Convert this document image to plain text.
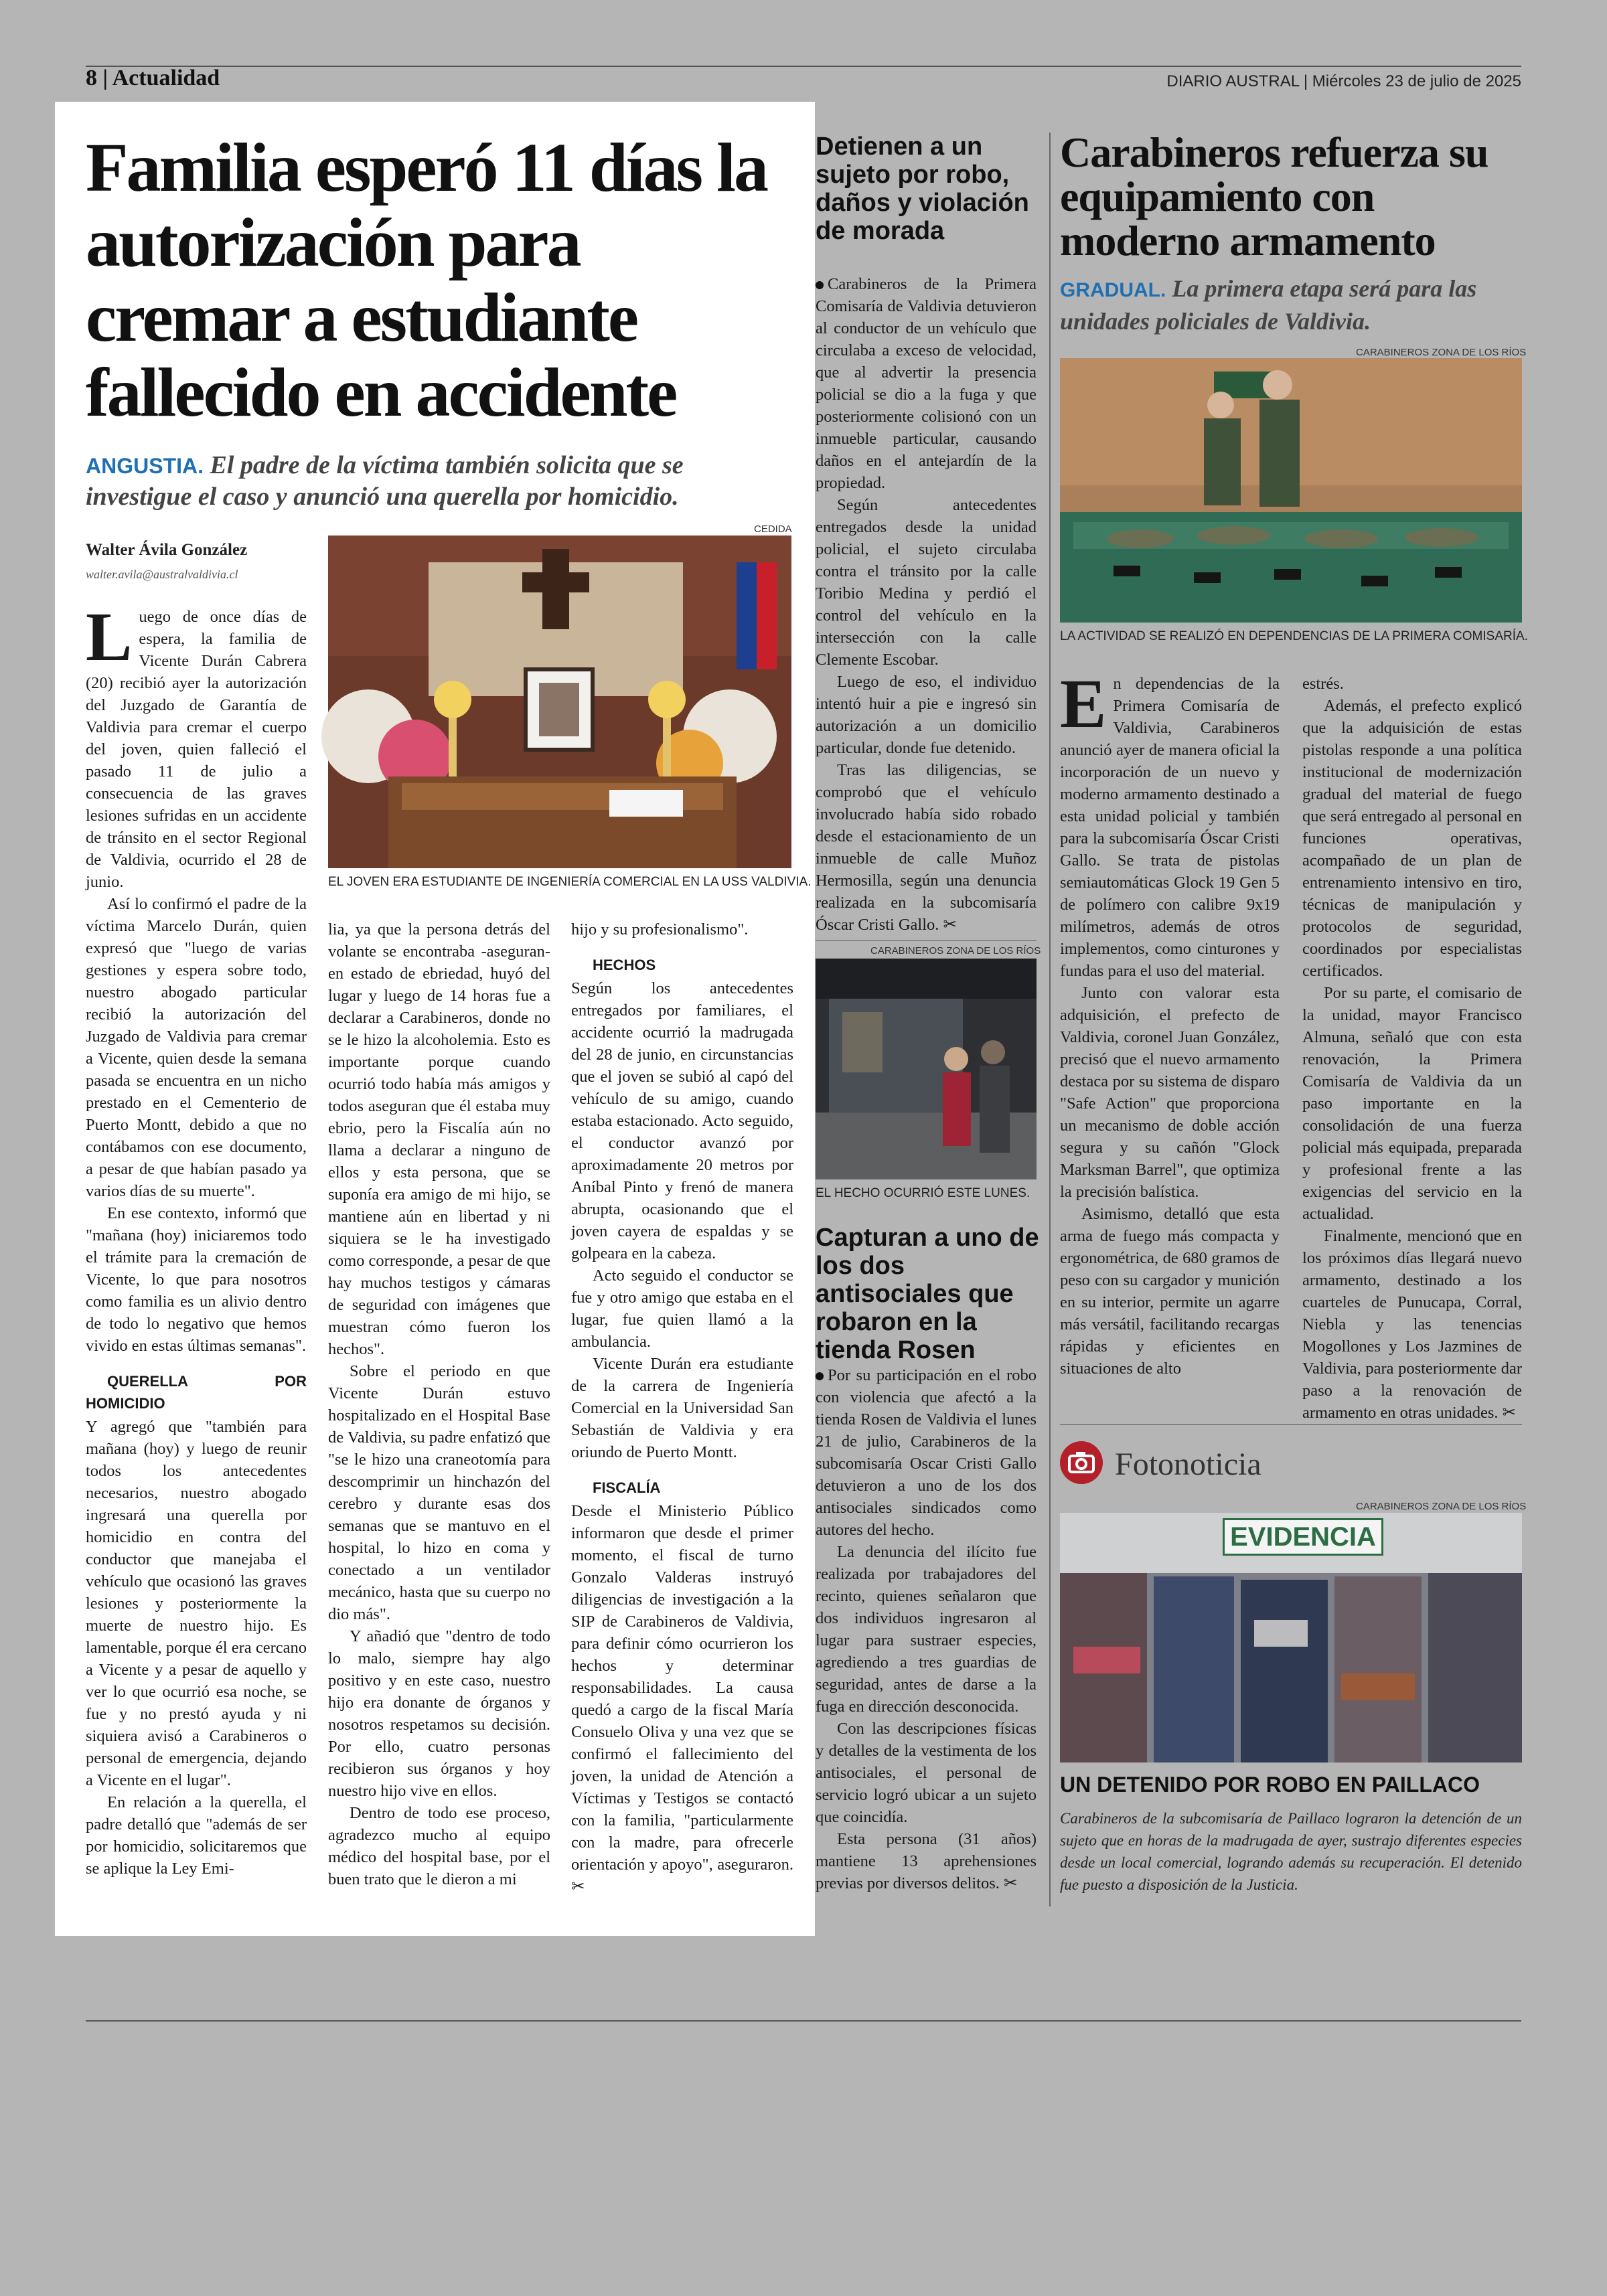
8 | Actualidad	DIARIO AUSTRAL | Miércoles 23 de julio de 2025
Familia esperó 11 días la autorización para cremar a estudiante fallecido en accidente
ANGUSTIA. El padre de la víctima también solicita que se investigue el caso y anunció una querella por homicidio.
Walter Ávila González
walter.avila@australvaldivia.cl
CEDIDA
EL JOVEN ERA ESTUDIANTE DE INGENIERÍA COMERCIAL EN LA USS VALDIVIA.
L uego de once días de espera, la familia de Vicente Durán Cabrera (20) recibió ayer la autorización del Juzgado de Garantía de Valdivia para cremar el cuerpo del joven, quien falleció el pasado 11 de julio a consecuencia de las graves lesiones sufridas en un accidente de tránsito en el sector Regional de Valdivia, ocurrido el 28 de junio.

Así lo confirmó el padre de la víctima Marcelo Durán, quien expresó que "luego de varias gestiones y espera sobre todo, nuestro abogado particular recibió la autorización del Juzgado de Valdivia para cremar a Vicente, quien desde la semana pasada se encuentra en un nicho prestado en el Cementerio de Puerto Montt, debido a que no contábamos con ese documento, a pesar de que habían pasado ya varios días de su muerte".

En ese contexto, informó que "mañana (hoy) iniciaremos todo el trámite para la cremación de Vicente, lo que para nosotros como familia es un alivio dentro de todo lo negativo que hemos vivido en estas últimas semanas".

QUERELLA POR HOMICIDIO

Y agregó que "también para mañana (hoy) y luego de reunir todos los antecedentes necesarios, nuestro abogado ingresará una querella por homicidio en contra del conductor que manejaba el vehículo que ocasionó las graves lesiones y posteriormente la muerte de nuestro hijo. Es lamentable, porque él era cercano a Vicente y a pesar de aquello y ver lo que ocurrió esa noche, se fue y no prestó ayuda y ni siquiera avisó a Carabineros o personal de emergencia, dejando a Vicente en el lugar".

En relación a la querella, el padre detalló que "además de ser por homicidio, solicitaremos que se aplique la Ley Emi-

lia, ya que la persona detrás del volante se encontraba -aseguran- en estado de ebriedad, huyó del lugar y luego de 14 horas fue a declarar a Carabineros, donde no se le hizo la alcoholemia. Esto es importante porque cuando ocurrió todo había más amigos y todos aseguran que él estaba muy ebrio, pero la Fiscalía aún no llama a declarar a ninguno de ellos y esta persona, que se suponía era amigo de mi hijo, se mantiene aún en libertad y ni siquiera se le ha investigado como corresponde, a pesar de que hay muchos testigos y cámaras de seguridad con imágenes que muestran cómo fueron los hechos".

Sobre el periodo en que Vicente Durán estuvo hospitalizado en el Hospital Base de Valdivia, su padre enfatizó que "se le hizo una craneotomía para descomprimir un hinchazón del cerebro y durante esas dos semanas que se mantuvo en el hospital, lo hizo en coma y conectado a un ventilador mecánico, hasta que su cuerpo no dio más".

Y añadió que "dentro de todo lo malo, siempre hay algo positivo y en este caso, nuestro hijo era donante de órganos y nosotros respetamos su decisión. Por ello, cuatro personas recibieron sus órganos y hoy nuestro hijo vive en ellos.

Dentro de todo ese proceso, agradezco mucho al equipo médico del hospital base, por el buen trato que le dieron a mi

hijo y su profesionalismo".

HECHOS

Según los antecedentes entregados por familiares, el accidente ocurrió la madrugada del 28 de junio, en circunstancias que el joven se subió al capó del vehículo de su amigo, cuando estaba estacionado. Acto seguido, el conductor avanzó por aproximadamente 20 metros por Aníbal Pinto y frenó de manera abrupta, ocasionando que el joven cayera de espaldas y se golpeara en la cabeza.

Acto seguido el conductor se fue y otro amigo que estaba en el lugar, fue quien llamó a la ambulancia.

Vicente Durán era estudiante de la carrera de Ingeniería Comercial en la Universidad San Sebastián de Valdivia y era oriundo de Puerto Montt.

FISCALÍA

Desde el Ministerio Público informaron que desde el primer momento, el fiscal de turno Gonzalo Valderas instruyó diligencias de investigación a la SIP de Carabineros de Valdivia, para definir cómo ocurrieron los hechos y determinar responsabilidades. La causa quedó a cargo de la fiscal María Consuelo Oliva y una vez que se confirmó el fallecimiento del joven, la unidad de Atención a Víctimas y Testigos se contactó con la familia, "particularmente con la madre, para ofrecerle orientación y apoyo", aseguraron. ✂

Detienen a un sujeto por robo, daños y violación de morada

Carabineros de la Primera Comisaría de Valdivia detuvieron al conductor de un vehículo que circulaba a exceso de velocidad, que al advertir la presencia policial se dio a la fuga y que posteriormente colisionó con un inmueble particular, causando daños en el antejardín de la propiedad.

Según antecedentes entregados desde la unidad policial, el sujeto circulaba contra el tránsito por la calle Toribio Medina y perdió el control del vehículo en la intersección con la calle Clemente Escobar.

Luego de eso, el individuo intentó huir a pie e ingresó sin autorización a un domicilio particular, donde fue detenido.

Tras las diligencias, se comprobó que el vehículo involucrado había sido robado desde el estacionamiento de un inmueble de calle Muñoz Hermosilla, según una denuncia realizada en la subcomisaría Óscar Cristi Gallo. ✂

CARABINEROS ZONA DE LOS RÍOS
EL HECHO OCURRIÓ ESTE LUNES.
Capturan a uno de los dos antisociales que robaron en la tienda Rosen

Por su participación en el robo con violencia que afectó a la tienda Rosen de Valdivia el lunes 21 de julio, Carabineros de la subcomisaría Oscar Cristi Gallo detuvieron a uno de los dos antisociales sindicados como autores del hecho.

La denuncia del ilícito fue realizada por trabajadores del recinto, quienes señalaron que dos individuos ingresaron al lugar para sustraer especies, agrediendo a tres guardias de seguridad, antes de darse a la fuga en dirección desconocida.

Con las descripciones físicas y detalles de la vestimenta de los antisociales, el personal de servicio logró ubicar a un sujeto que coincidía.

Esta persona (31 años) mantiene 13 aprehensiones previas por diversos delitos. ✂

Carabineros refuerza su equipamiento con moderno armamento
GRADUAL. La primera etapa será para las unidades policiales de Valdivia.
CARABINEROS ZONA DE LOS RÍOS
LA ACTIVIDAD SE REALIZÓ EN DEPENDENCIAS DE LA PRIMERA COMISARÍA.
E n dependencias de la Primera Comisaría de Valdivia, Carabineros anunció ayer de manera oficial la incorporación de un nuevo y moderno armamento destinado a esta unidad policial y también para la subcomisaría Óscar Cristi Gallo. Se trata de pistolas semiautomáticas Glock 19 Gen 5 de polímero con calibre 9x19 milímetros, además de otros implementos, como cinturones y fundas para el uso del material.

Junto con valorar esta adquisición, el prefecto de Valdivia, coronel Juan González, precisó que el nuevo armamento destaca por su sistema de disparo "Safe Action" que proporciona un mecanismo de doble acción segura y su cañón "Glock Marksman Barrel", que optimiza la precisión balística.

Asimismo, detalló que esta arma de fuego más compacta y ergonométrica, de 680 gramos de peso con su cargador y munición en su interior, permite un agarre más versátil, facilitando recargas rápidas y eficientes en situaciones de alto

estrés.

Además, el prefecto explicó que la adquisición de estas pistolas responde a una política institucional de modernización gradual del material de fuego que será entregado al personal en funciones operativas, acompañado de un plan de entrenamiento intensivo en tiro, técnicas de manipulación y protocolos de seguridad, coordinados por especialistas certificados.

Por su parte, el comisario de la unidad, mayor Francisco Almuna, señaló que con esta renovación, la Primera Comisaría de Valdivia da un paso importante en la consolidación de una fuerza policial más equipada, preparada y profesional frente a las exigencias del servicio en la actualidad.

Finalmente, mencionó que en los próximos días llegará nuevo armamento, destinado a los cuarteles de Punucapa, Corral, Niebla y las tenencias Mogollones y Los Jazmines de Valdivia, para posteriormente dar paso a la renovación de armamento en otras unidades. ✂

Fotonoticia
CARABINEROS ZONA DE LOS RÍOS
EVIDENCIA
UN DETENIDO POR ROBO EN PAILLACO
Carabineros de la subcomisaría de Paillaco lograron la detención de un sujeto que en horas de la madrugada de ayer, sustrajo diferentes especies desde un local comercial, logrando además su recuperación. El detenido fue puesto a disposición de la Justicia.
